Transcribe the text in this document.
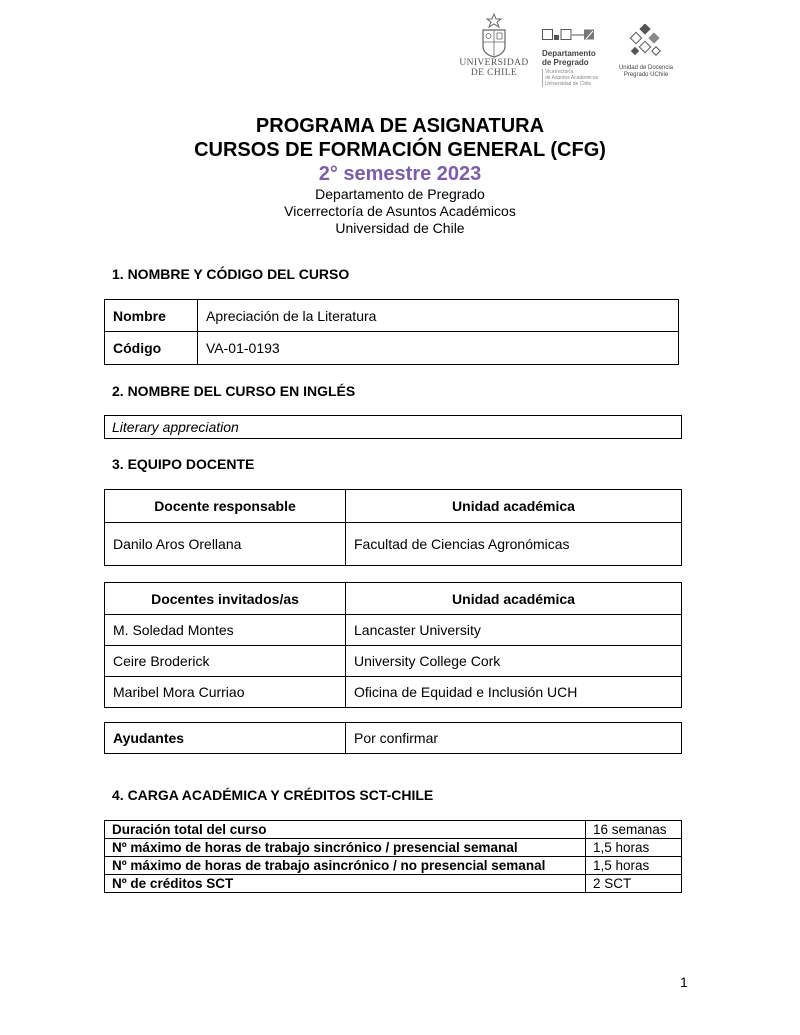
UNIVERSIDAD
DE CHILE
Departamento
de Pregrado
Vicerrectoría
de Asuntos Académicos
Universidad de Chile
Unidad de Docencia
Pregrado UChile
PROGRAMA DE ASIGNATURA
CURSOS DE FORMACIÓN GENERAL (CFG)
2° semestre 2023
Departamento de Pregrado
Vicerrectoría de Asuntos Académicos
Universidad de Chile
1. NOMBRE Y CÓDIGO DEL CURSO
Nombre	Apreciación de la Literatura
Código	VA-01-0193
2. NOMBRE DEL CURSO EN INGLÉS
Literary appreciation
3. EQUIPO DOCENTE
Docente responsable	Unidad académica
Danilo Aros Orellana	Facultad de Ciencias Agronómicas
Docentes invitados/as	Unidad académica
M. Soledad Montes	Lancaster University
Ceire Broderick	University College Cork
Maribel Mora Curriao	Oficina de Equidad e Inclusión UCH
Ayudantes	Por confirmar
4. CARGA ACADÉMICA Y CRÉDITOS SCT-CHILE
Duración total del curso	16 semanas
Nº máximo de horas de trabajo sincrónico / presencial semanal	1,5 horas
Nº máximo de horas de trabajo asincrónico / no presencial semanal	1,5 horas
Nº de créditos SCT	2 SCT
1
